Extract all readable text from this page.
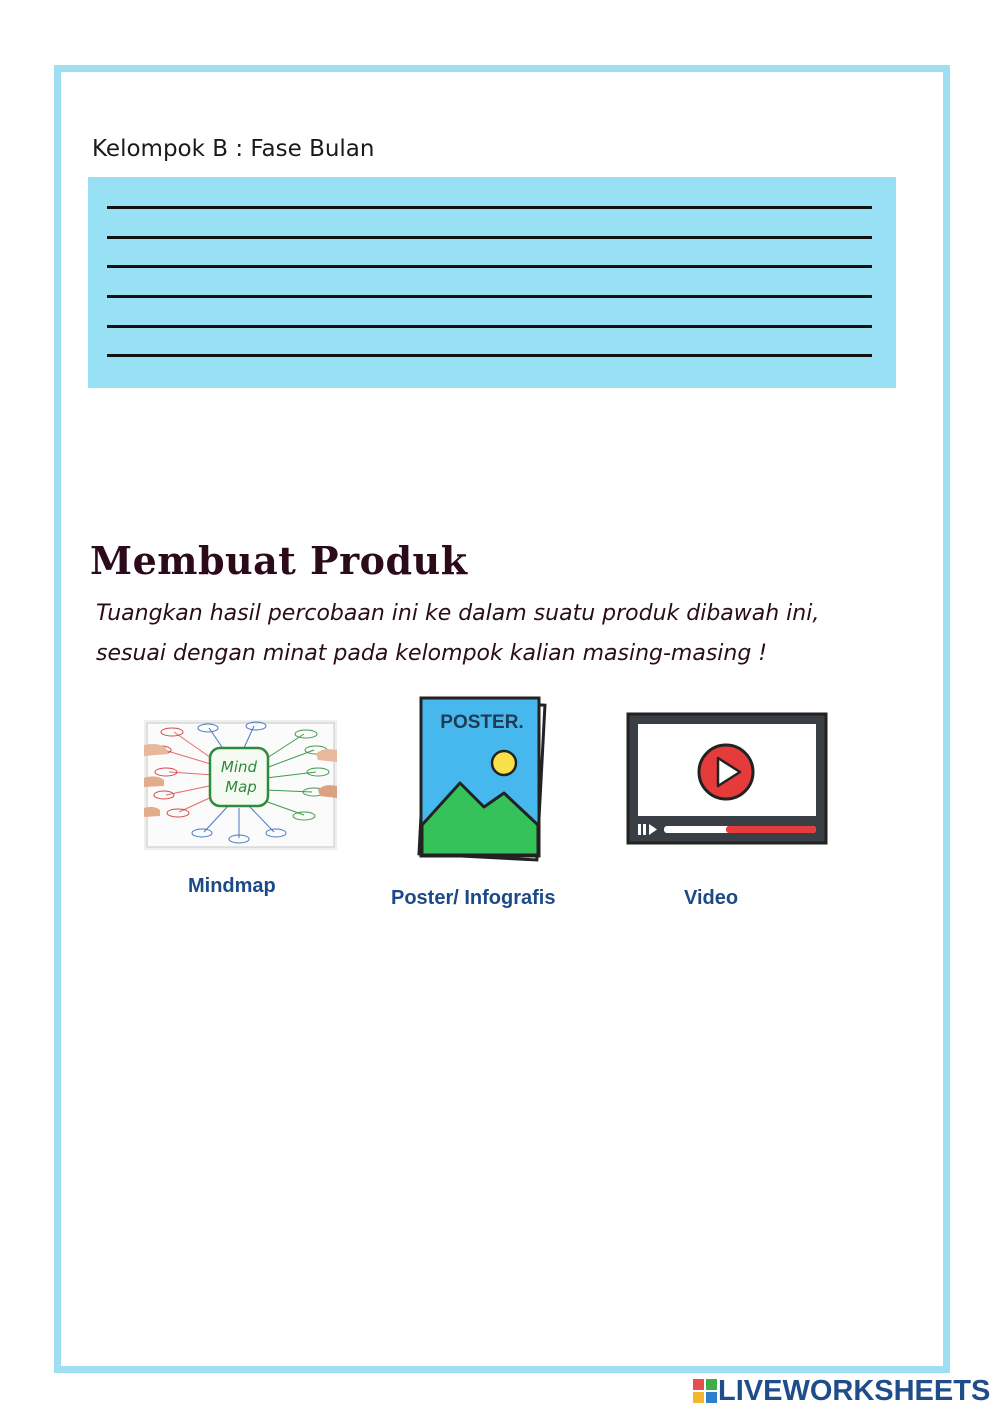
Kelompok B : Fase Bulan
Membuat Produk
Tuangkan hasil percobaan ini ke dalam suatu produk dibawah ini,
sesuai dengan minat pada kelompok kalian masing-masing !
Mind
Map
Mindmap
POSTER.
Poster/ Infografis	Video
LIVEWORKSHEETS
